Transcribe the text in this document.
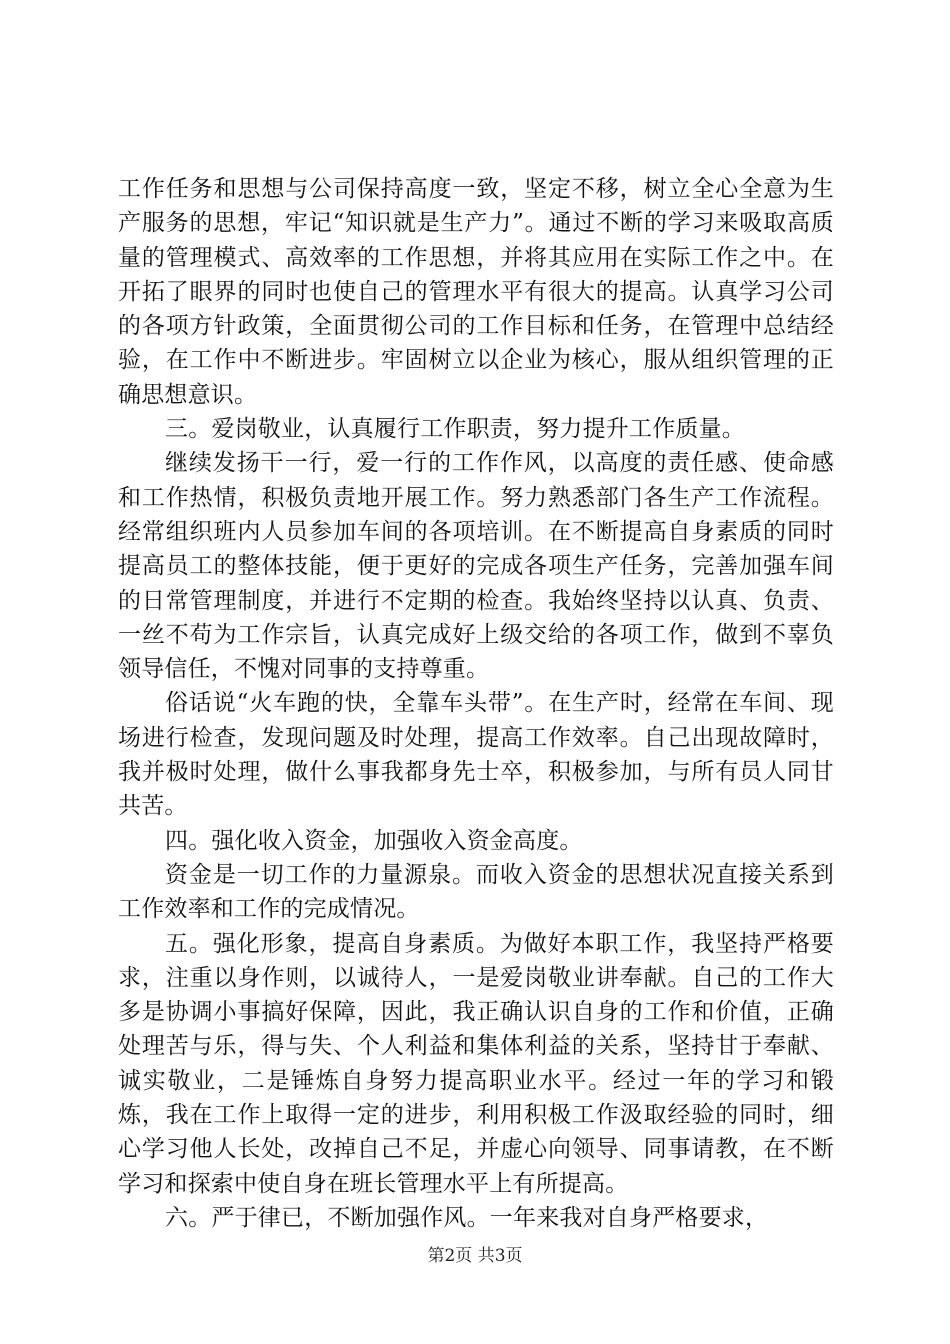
工作任务和思想与公司保持高度一致，坚定不移，树立全心全意为生产服务的思想，牢记“知识就是生产力”。通过不断的学习来吸取高质量的管理模式、高效率的工作思想，并将其应用在实际工作之中。在开拓了眼界的同时也使自己的管理水平有很大的提高。认真学习公司的各项方针政策，全面贯彻公司的工作目标和任务，在管理中总结经验，在工作中不断进步。牢固树立以企业为核心，服从组织管理的正确思想意识。

三。爱岗敬业，认真履行工作职责，努力提升工作质量。

继续发扬干一行，爱一行的工作作风，以高度的责任感、使命感和工作热情，积极负责地开展工作。努力熟悉部门各生产工作流程。经常组织班内人员参加车间的各项培训。在不断提高自身素质的同时提高员工的整体技能，便于更好的完成各项生产任务，完善加强车间的日常管理制度，并进行不定期的检查。我始终坚持以认真、负责、一丝不苟为工作宗旨，认真完成好上级交给的各项工作，做到不辜负领导信任，不愧对同事的支持尊重。

俗话说“火车跑的快，全靠车头带”。在生产时，经常在车间、现场进行检查，发现问题及时处理，提高工作效率。自己出现故障时，我并极时处理，做什么事我都身先士卒，积极参加，与所有员人同甘共苦。

四。强化收入资金，加强收入资金高度。

资金是一切工作的力量源泉。而收入资金的思想状况直接关系到工作效率和工作的完成情况。

五。强化形象，提高自身素质。为做好本职工作，我坚持严格要求，注重以身作则，以诚待人，一是爱岗敬业讲奉献。自己的工作大多是协调小事搞好保障，因此，我正确认识自身的工作和价值，正确处理苦与乐，得与失、个人利益和集体利益的关系，坚持甘于奉献、诚实敬业，二是锤炼自身努力提高职业水平。经过一年的学习和锻炼，我在工作上取得一定的进步，利用积极工作汲取经验的同时，细心学习他人长处，改掉自己不足，并虚心向领导、同事请教，在不断学习和探索中使自身在班长管理水平上有所提高。

六。严于律已，不断加强作风。一年来我对自身严格要求，

第2页 共3页
